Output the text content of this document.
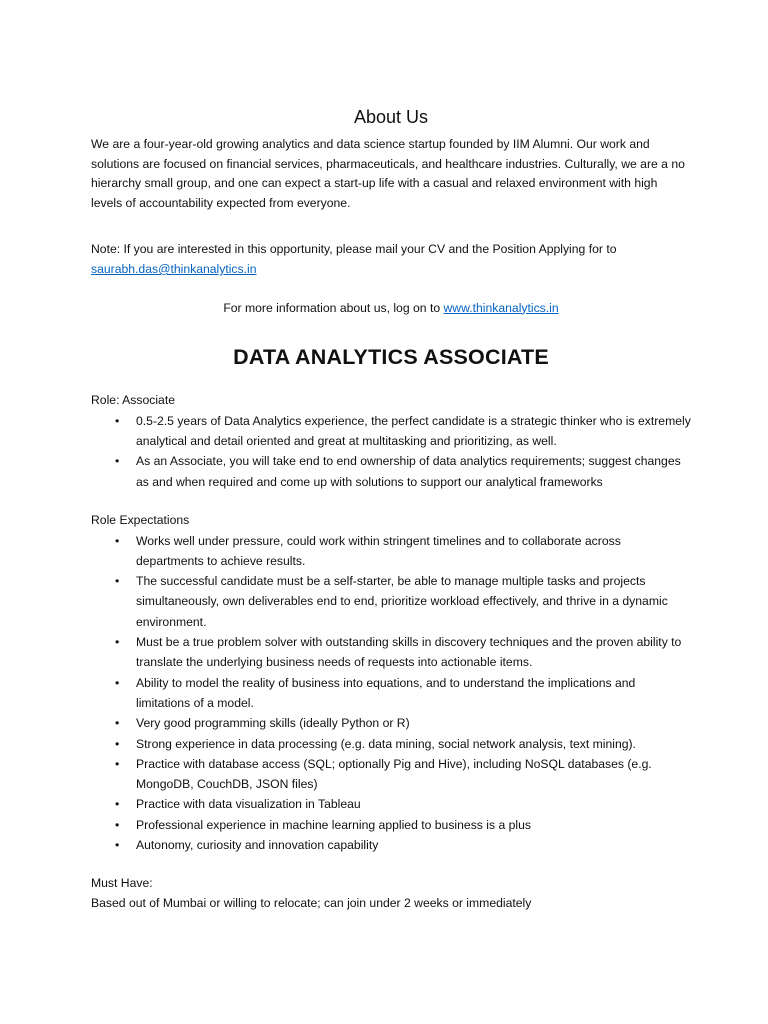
About Us

We are a four-year-old growing analytics and data science startup founded by IIM Alumni. Our work and solutions are focused on financial services, pharmaceuticals, and healthcare industries. Culturally, we are a no hierarchy small group, and one can expect a start-up life with a casual and relaxed environment with high levels of accountability expected from everyone.

Note: If you are interested in this opportunity, please mail your CV and the Position Applying for to saurabh.das@thinkanalytics.in

For more information about us, log on to www.thinkanalytics.in

DATA ANALYTICS ASSOCIATE

Role: Associate

• 0.5-2.5 years of Data Analytics experience, the perfect candidate is a strategic thinker who is extremely analytical and detail oriented and great at multitasking and prioritizing, as well.
• As an Associate, you will take end to end ownership of data analytics requirements; suggest changes as and when required and come up with solutions to support our analytical frameworks

Role Expectations

• Works well under pressure, could work within stringent timelines and to collaborate across departments to achieve results.
• The successful candidate must be a self-starter, be able to manage multiple tasks and projects simultaneously, own deliverables end to end, prioritize workload effectively, and thrive in a dynamic environment.
• Must be a true problem solver with outstanding skills in discovery techniques and the proven ability to translate the underlying business needs of requests into actionable items.
• Ability to model the reality of business into equations, and to understand the implications and limitations of a model.
• Very good programming skills (ideally Python or R)
• Strong experience in data processing (e.g. data mining, social network analysis, text mining).
• Practice with database access (SQL; optionally Pig and Hive), including NoSQL databases (e.g. MongoDB, CouchDB, JSON files)
• Practice with data visualization in Tableau
• Professional experience in machine learning applied to business is a plus
• Autonomy, curiosity and innovation capability

Must Have:

Based out of Mumbai or willing to relocate; can join under 2 weeks or immediately
